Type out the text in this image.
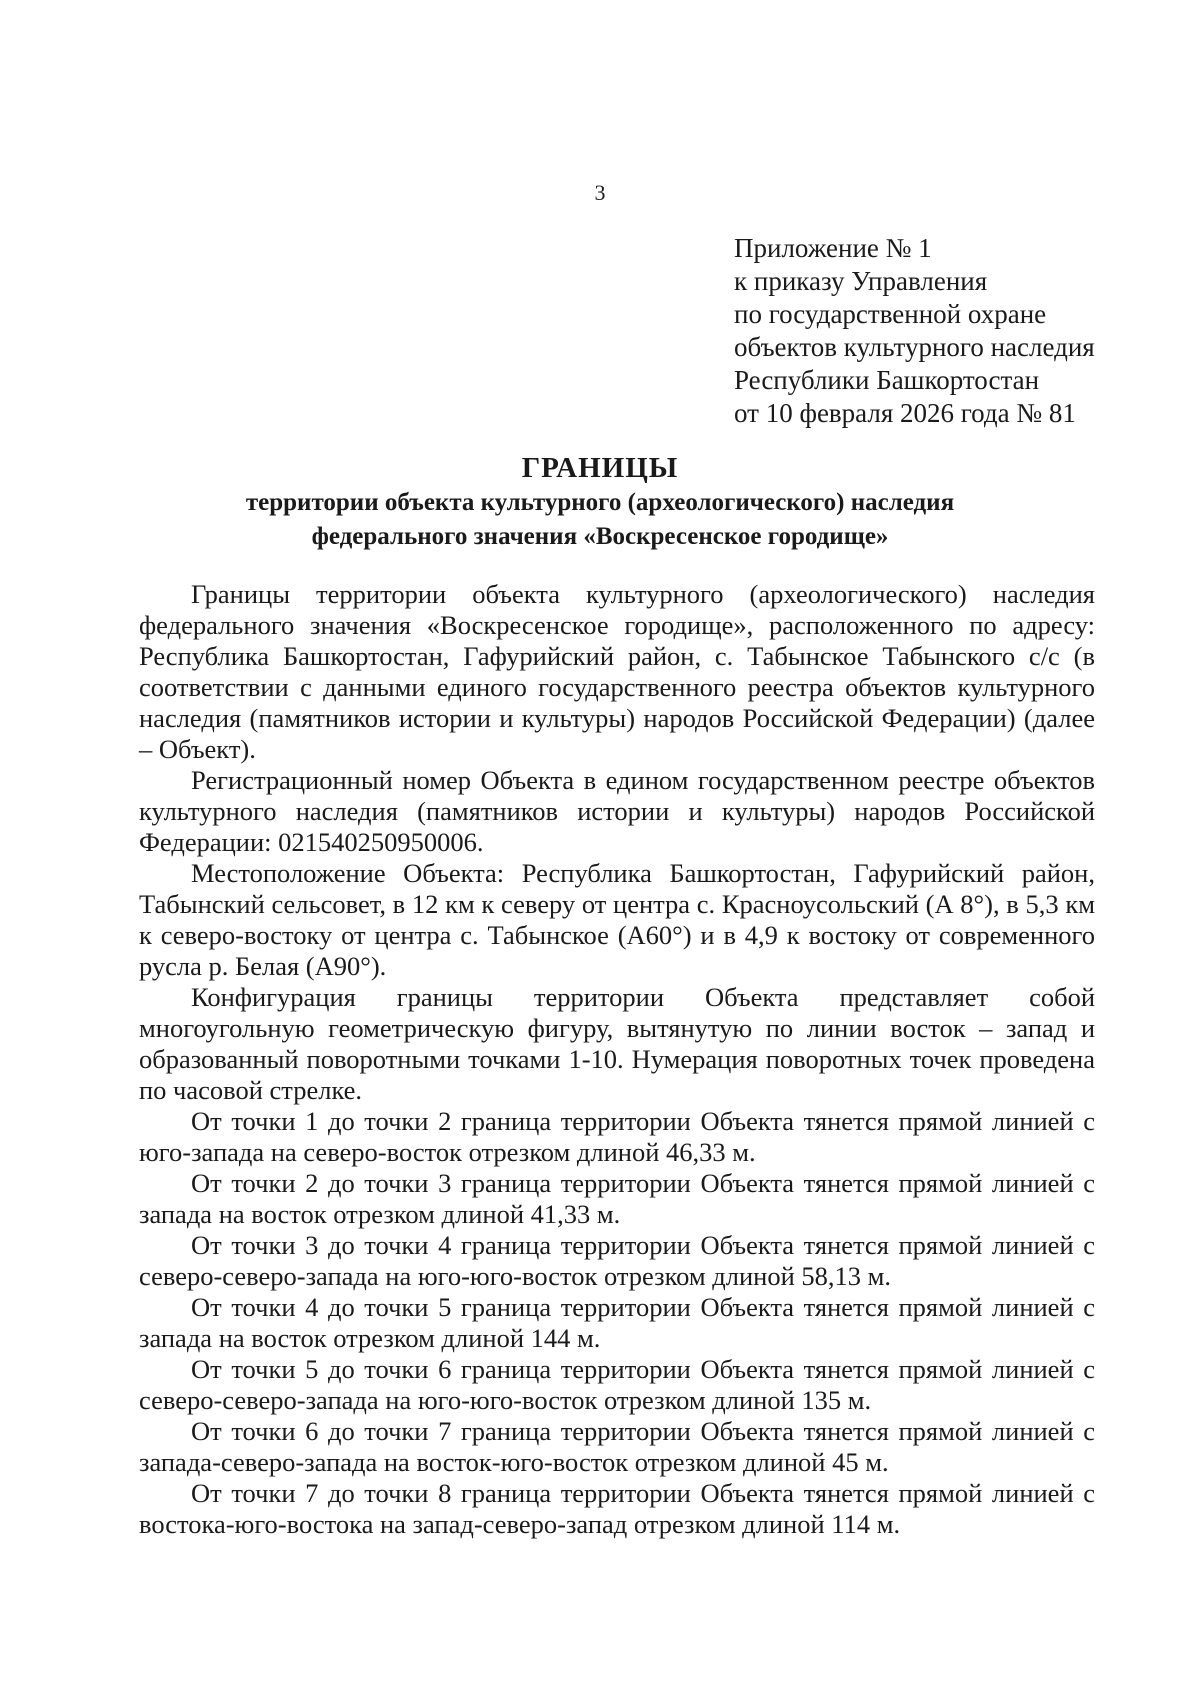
3
Приложение № 1
к приказу Управления
по государственной охране
объектов культурного наследия
Республики Башкортостан
от 10 февраля 2026 года № 81
ГРАНИЦЫ
территории объекта культурного (археологического) наследия
федерального значения «Воскресенское городище»

Границы территории объекта культурного (археологического) наследия федерального значения «Воскресенское городище», расположенного по адресу: Республика Башкортостан, Гафурийский район, с. Табынское Табынского с/с (в соответствии с данными единого государственного реестра объектов культурного наследия (памятников истории и культуры) народов Российской Федерации) (далее – Объект).

Регистрационный номер Объекта в едином государственном реестре объектов культурного наследия (памятников истории и культуры) народов Российской Федерации: 021540250950006.

Местоположение Объекта: Республика Башкортостан, Гафурийский район, Табынский сельсовет, в 12 км к северу от центра с. Красноусольский (А 8°), в 5,3 км к северо-востоку от центра с. Табынское (А60°) и в 4,9 к востоку от современного русла р. Белая (А90°).

Конфигурация границы территории Объекта представляет собой многоугольную геометрическую фигуру, вытянутую по линии восток – запад и образованный поворотными точками 1-10. Нумерация поворотных точек проведена по часовой стрелке.

От точки 1 до точки 2 граница территории Объекта тянется прямой линией с юго-запада на северо-восток отрезком длиной 46,33 м.

От точки 2 до точки 3 граница территории Объекта тянется прямой линией с запада на восток отрезком длиной 41,33 м.

От точки 3 до точки 4 граница территории Объекта тянется прямой линией с северо-северо-запада на юго-юго-восток отрезком длиной 58,13 м.

От точки 4 до точки 5 граница территории Объекта тянется прямой линией с запада на восток отрезком длиной 144 м.

От точки 5 до точки 6 граница территории Объекта тянется прямой линией с северо-северо-запада на юго-юго-восток отрезком длиной 135 м.

От точки 6 до точки 7 граница территории Объекта тянется прямой линией с запада-северо-запада на восток-юго-восток отрезком длиной 45 м.

От точки 7 до точки 8 граница территории Объекта тянется прямой линией с востока-юго-востока на запад-северо-запад отрезком длиной 114 м.
